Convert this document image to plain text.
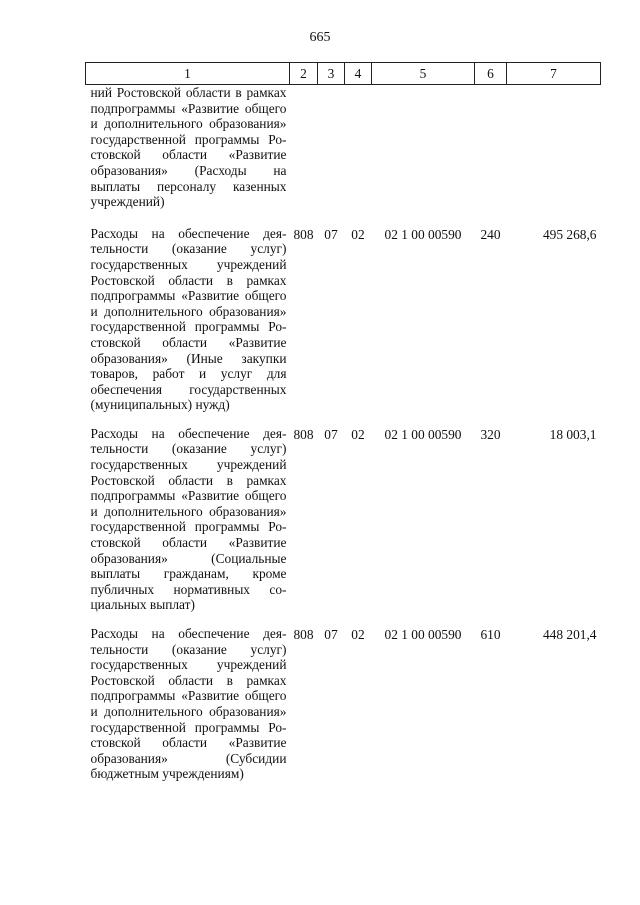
665
1	2	3	4	5	6	7
ний Ростовской области в рамках подпрограммы «Развитие общего и дополнительного образования» государственной программы Ростовской области «Развитие образования» (Расходы на выплаты персоналу казенных учреждений)						
Расходы на обеспечение деятельности (оказание услуг) государственных учреждений Ростовской области в рамках подпрограммы «Развитие общего и дополнительного образования» государственной программы Ростовской области «Развитие образования» (Иные закупки товаров, работ и услуг для обеспечения государственных (муниципальных) нужд)	808	07	02	02 1 00 00590	240	495 268,6
Расходы на обеспечение деятельности (оказание услуг) государственных учреждений Ростовской области в рамках подпрограммы «Развитие общего и дополнительного образования» государственной программы Ростовской области «Развитие образования» (Социальные выплаты гражданам, кроме публичных нормативных социальных выплат)	808	07	02	02 1 00 00590	320	18 003,1
Расходы на обеспечение деятельности (оказание услуг) государственных учреждений Ростовской области в рамках подпрограммы «Развитие общего и дополнительного образования» государственной программы Ростовской области «Развитие образования» (Субсидии бюджетным учреждениям)	808	07	02	02 1 00 00590	610	448 201,4
